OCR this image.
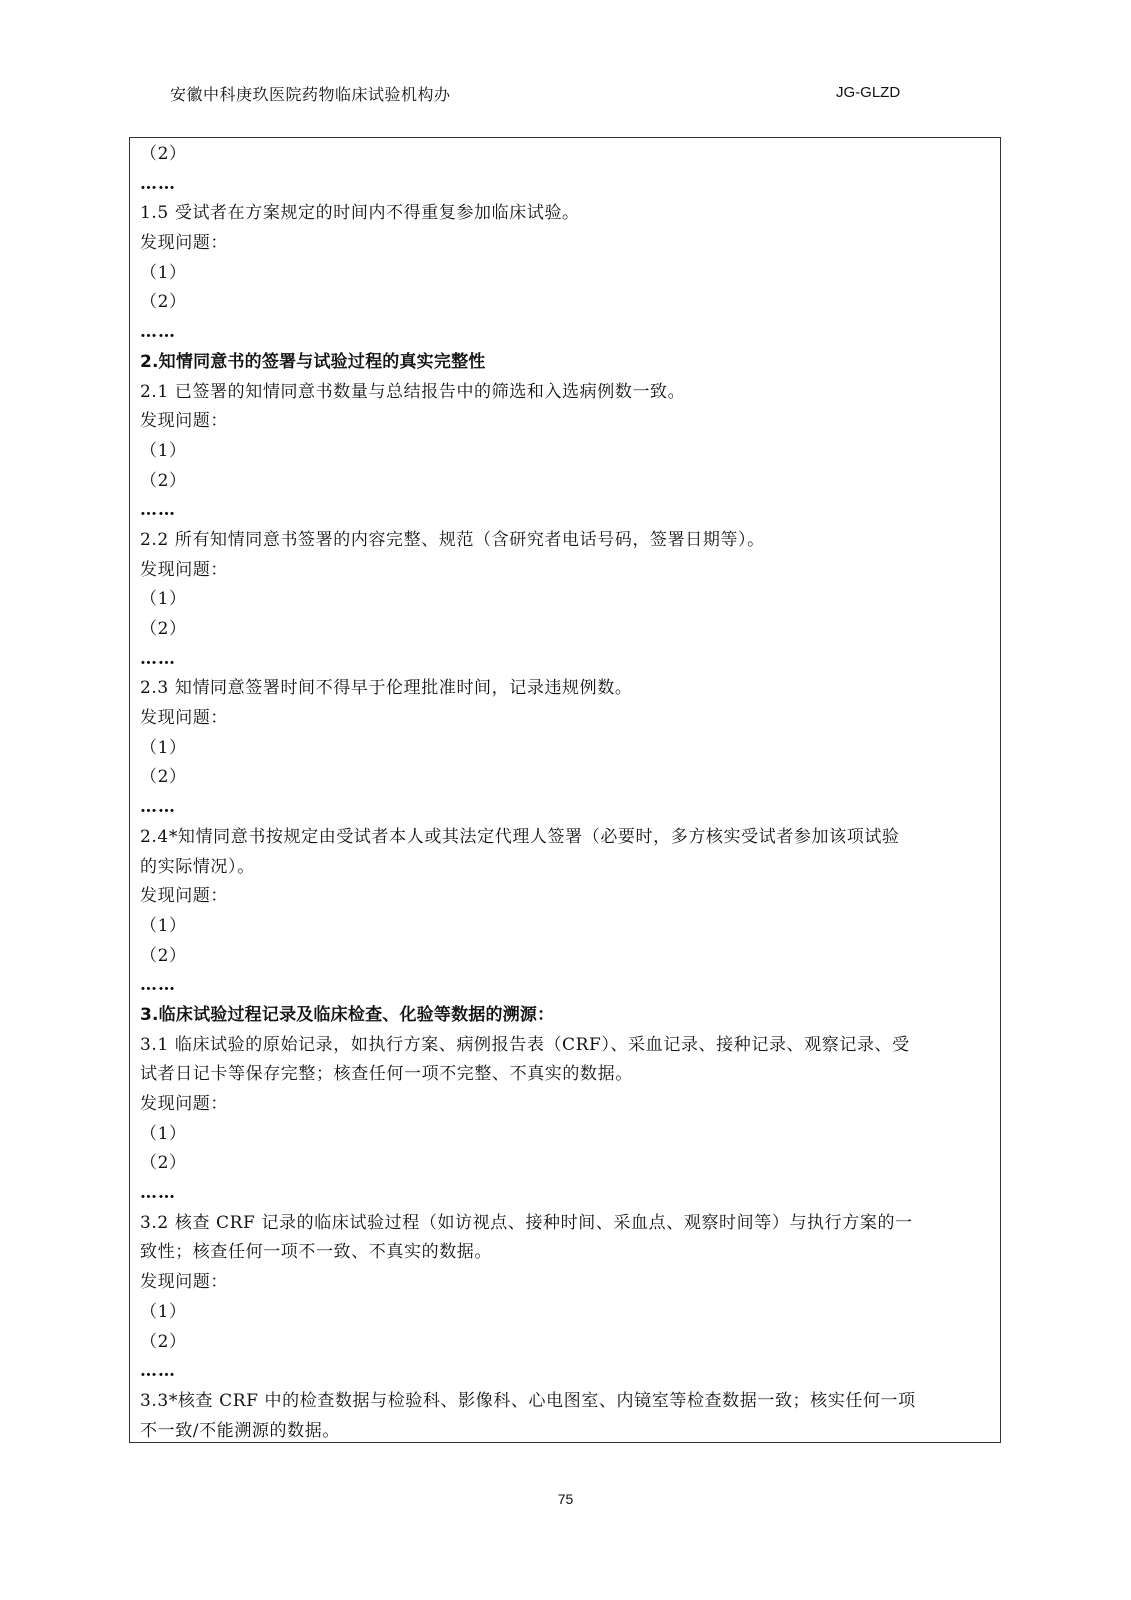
安徽中科庚玖医院药物临床试验机构办	JG-GLZD
（2）
……
1.5 受试者在方案规定的时间内不得重复参加临床试验。
发现问题：
（1）
（2）
……
2.知情同意书的签署与试验过程的真实完整性
2.1 已签署的知情同意书数量与总结报告中的筛选和入选病例数一致。
发现问题：
（1）
（2）
……
2.2 所有知情同意书签署的内容完整、规范（含研究者电话号码，签署日期等）。
发现问题：
（1）
（2）
……
2.3 知情同意签署时间不得早于伦理批准时间，记录违规例数。
发现问题：
（1）
（2）
……
2.4*知情同意书按规定由受试者本人或其法定代理人签署（必要时，多方核实受试者参加该项试验
的实际情况）。
发现问题：
（1）
（2）
……
3.临床试验过程记录及临床检查、化验等数据的溯源：
3.1 临床试验的原始记录，如执行方案、病例报告表（CRF）、采血记录、接种记录、观察记录、受
试者日记卡等保存完整；核查任何一项不完整、不真实的数据。
发现问题：
（1）
（2）
……
3.2 核查 CRF 记录的临床试验过程（如访视点、接种时间、采血点、观察时间等）与执行方案的一
致性；核查任何一项不一致、不真实的数据。
发现问题：
（1）
（2）
……
3.3*核查 CRF 中的检查数据与检验科、影像科、心电图室、内镜室等检查数据一致；核实任何一项
不一致/不能溯源的数据。
75
